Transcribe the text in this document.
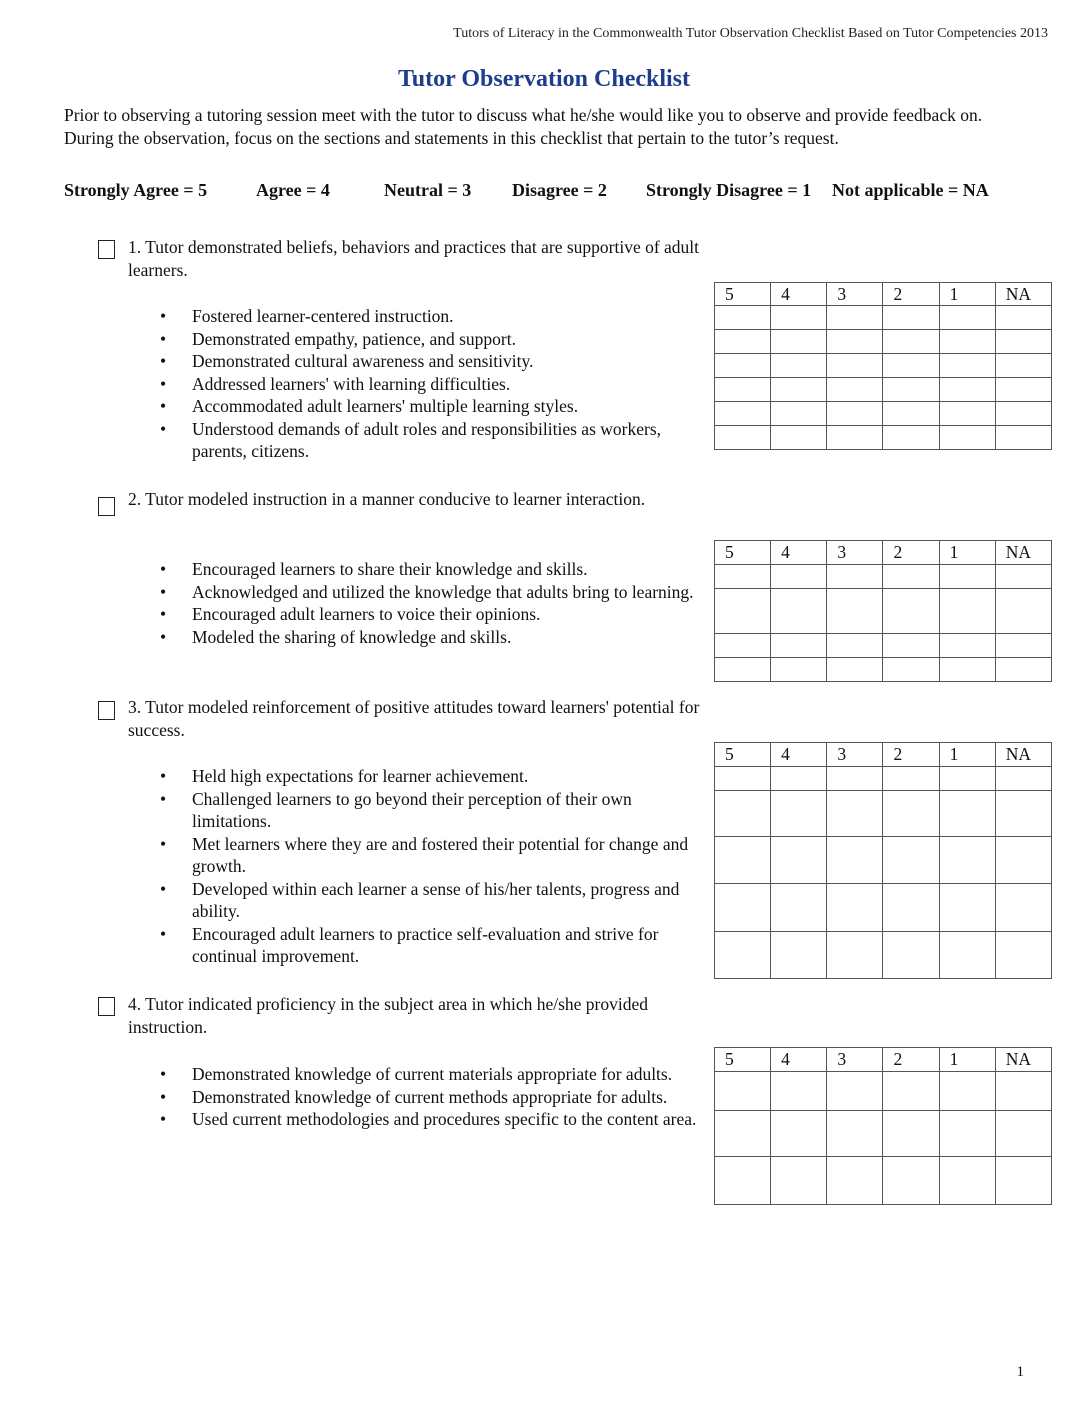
Tutors of Literacy in the Commonwealth Tutor Observation Checklist Based on Tutor Competencies 2013
Tutor Observation Checklist
Prior to observing a tutoring session meet with the tutor to discuss what he/she would like you to observe and provide feedback on. During the observation, focus on the sections and statements in this checklist that pertain to the tutor’s request.
Strongly Agree = 5	Agree = 4	Neutral = 3 Disagree = 2 Strongly Disagree = 1 Not applicable = NA
1. Tutor demonstrated beliefs, behaviors and practices that are supportive of adult learners.
• Fostered learner-centered instruction.
• Demonstrated empathy, patience, and support.
• Demonstrated cultural awareness and sensitivity.
• Addressed learners' with learning difficulties.
• Accommodated adult learners' multiple learning styles.
• Understood demands of adult roles and responsibilities as workers, parents, citizens.
5	4	3	2	1	NA

2. Tutor modeled instruction in a manner conducive to learner interaction.
• Encouraged learners to share their knowledge and skills.
• Acknowledged and utilized the knowledge that adults bring to learning.
• Encouraged adult learners to voice their opinions.
• Modeled the sharing of knowledge and skills.
5	4	3	2	1	NA

3. Tutor modeled reinforcement of positive attitudes toward learners' potential for success.
• Held high expectations for learner achievement.
• Challenged learners to go beyond their perception of their own limitations.
• Met learners where they are and fostered their potential for change and growth.
• Developed within each learner a sense of his/her talents, progress and ability.
• Encouraged adult learners to practice self-evaluation and strive for continual improvement.
5	4	3	2	1	NA

4. Tutor indicated proficiency in the subject area in which he/she provided instruction.
• Demonstrated knowledge of current materials appropriate for adults.
• Demonstrated knowledge of current methods appropriate for adults.
• Used current methodologies and procedures specific to the content area.
5	4	3	2	1	NA

1
